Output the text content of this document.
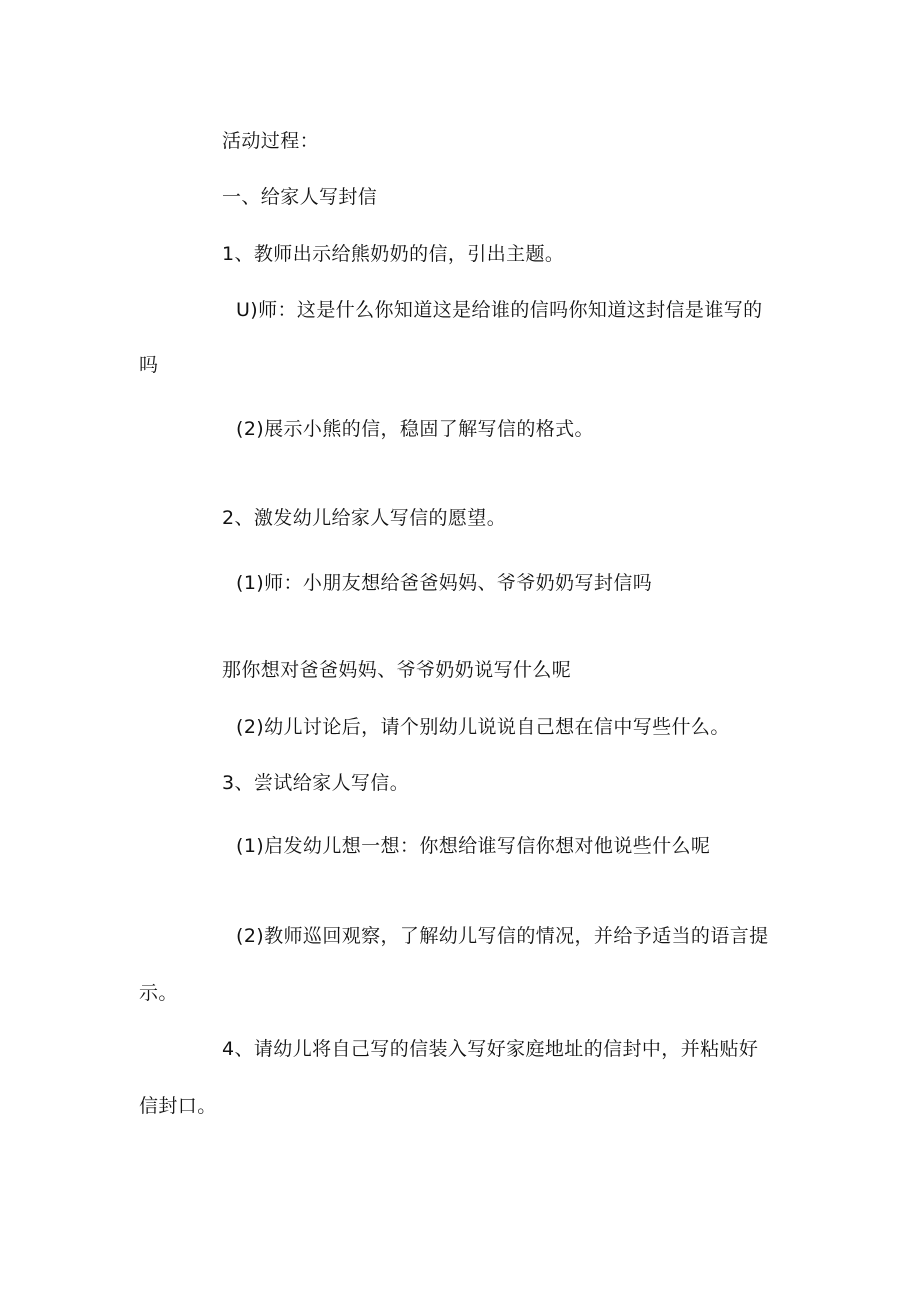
活动过程：
一、给家人写封信
1、教师出示给熊奶奶的信，引出主题。
U)师：这是什么你知道这是给谁的信吗你知道这封信是谁写的
吗
(2)展示小熊的信，稳固了解写信的格式。
2、激发幼儿给家人写信的愿望。
(1)师：小朋友想给爸爸妈妈、爷爷奶奶写封信吗
那你想对爸爸妈妈、爷爷奶奶说写什么呢
(2)幼儿讨论后，请个别幼儿说说自己想在信中写些什么。
3、尝试给家人写信。
(1)启发幼儿想一想：你想给谁写信你想对他说些什么呢
(2)教师巡回观察，了解幼儿写信的情况，并给予适当的语言提
示。
4、请幼儿将自己写的信装入写好家庭地址的信封中，并粘贴好
信封口。
